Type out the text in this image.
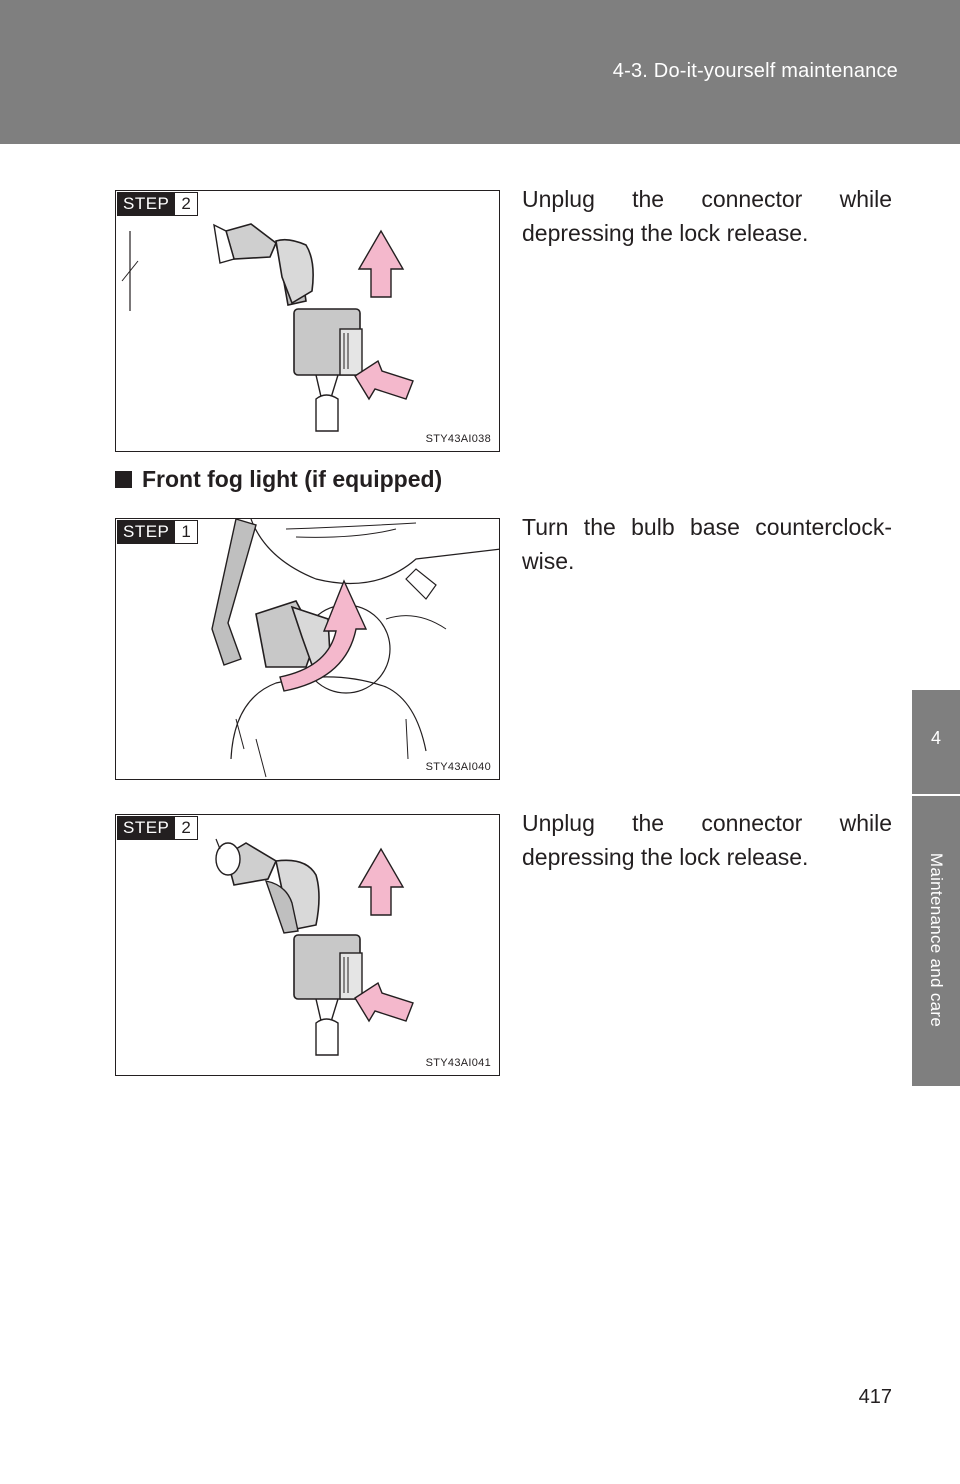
4-3. Do-it-yourself maintenance
4
Maintenance and care
STEP 2
STY43AI038
Unplug the connector while depressing the lock release.
Front fog light (if equipped)
STEP 1
STY43AI040
Turn the bulb base counterclock-wise.
STEP 2
STY43AI041
Unplug the connector while depressing the lock release.
417
